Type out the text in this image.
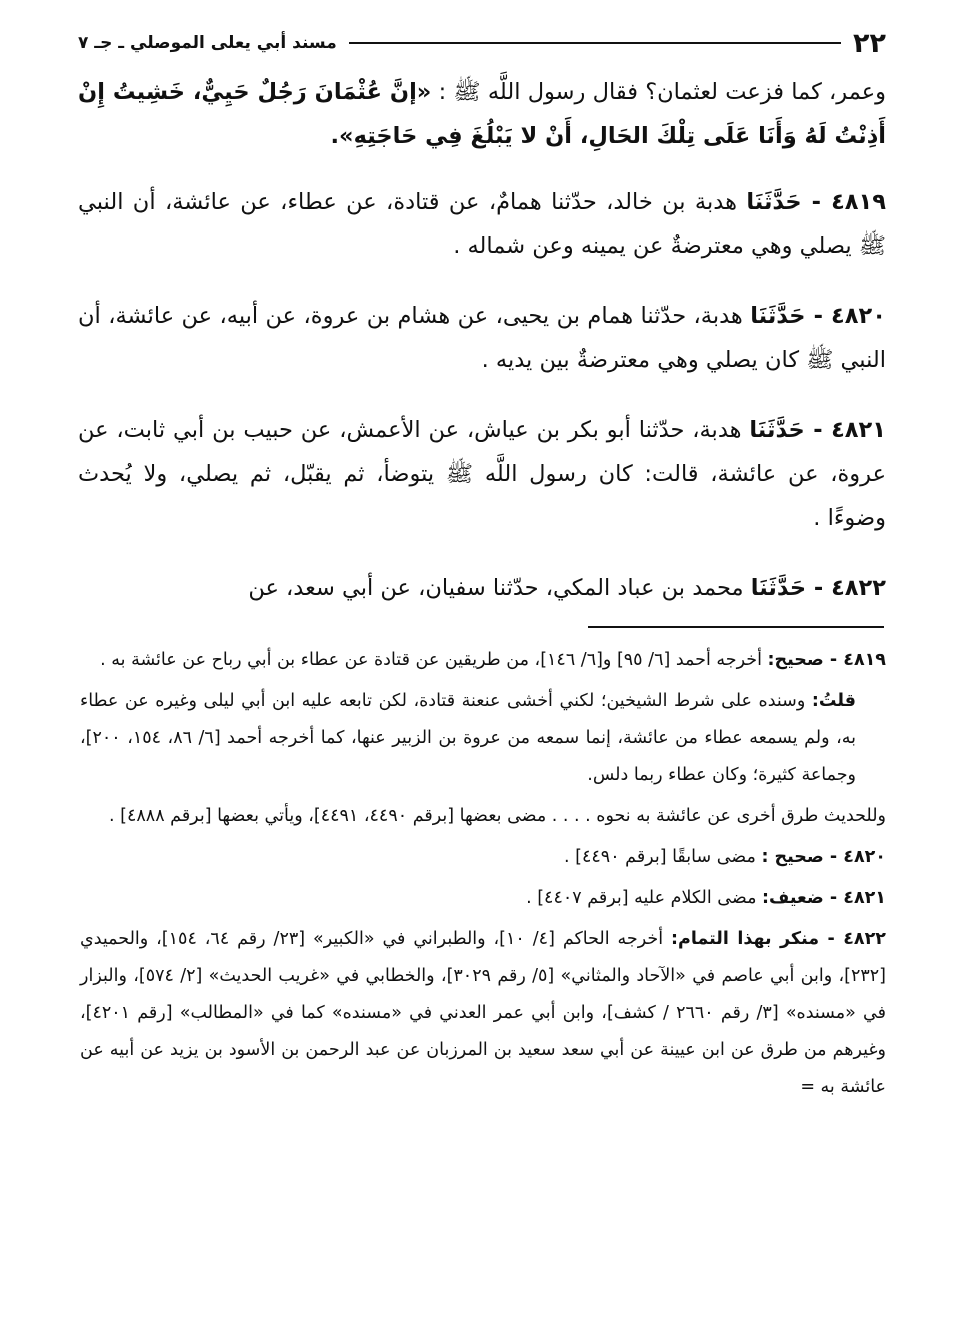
٢٢
مسند أبي يعلى الموصلي ـ جـ ٧

وعمر، كما فزعت لعثمان؟ فقال رسول اللَّه ﷺ : «إنَّ عُثْمَانَ رَجُلٌ حَيِيٌّ، خَشِيتُ إِنْ أَذِنْتُ لَهُ وَأَنَا عَلَى تِلْكَ الحَالِ، أَنْ لا يَبْلُغَ فِي حَاجَتِهِ».

٤٨١٩ - حَدَّثَنَا هدبة بن خالد، حدّثنا همامٌ، عن قتادة، عن عطاء، عن عائشة، أن النبي ﷺ يصلي وهي معترضةٌ عن يمينه وعن شماله .

٤٨٢٠ - حَدَّثَنَا هدبة، حدّثنا همام بن يحيى، عن هشام بن عروة، عن أبيه، عن عائشة، أن النبي ﷺ كان يصلي وهي معترضةٌ بين يديه .

٤٨٢١ - حَدَّثَنَا هدبة، حدّثنا أبو بكر بن عياش، عن الأعمش، عن حبيب بن أبي ثابت، عن عروة، عن عائشة، قالت: كان رسول اللَّه ﷺ يتوضأ، ثم يقبّل، ثم يصلي، ولا يُحدث وضوءًا .

٤٨٢٢ - حَدَّثَنَا محمد بن عباد المكي، حدّثنا سفيان، عن أبي سعد، عن

٤٨١٩ - صحيح: أخرجه أحمد [٦/ ٩٥] و[٦/ ١٤٦]، من طريقين عن قتادة عن عطاء بن أبي رباح عن عائشة به .

قلتُ: وسنده على شرط الشيخين؛ لكني أخشى عنعنة قتادة، لكن تابعه عليه ابن أبي ليلى وغيره عن عطاء به، ولم يسمعه عطاء من عائشة، إنما سمعه من عروة بن الزبير عنها، كما أخرجه أحمد [٦/ ٨٦، ١٥٤، ٢٠٠]، وجماعة كثيرة؛ وكان عطاء ربما دلس.

وللحديث طرق أخرى عن عائشة به نحوه . . . . مضى بعضها [برقم ٤٤٩٠، ٤٤٩١]، ويأتي بعضها [برقم ٤٨٨٨] .

٤٨٢٠ - صحيح : مضى سابقًا [برقم ٤٤٩٠] .

٤٨٢١ - ضعيف: مضى الكلام عليه [برقم ٤٤٠٧] .

٤٨٢٢ - منكر بهذا التمام: أخرجه الحاكم [٤/ ١٠]، والطبراني في «الكبير» [٢٣/ رقم ٦٤، ١٥٤]، والحميدي [٢٣٢]، وابن أبي عاصم في «الآحاد والمثاني» [٥/ رقم ٣٠٢٩]، والخطابي في «غريب الحديث» [٢/ ٥٧٤]، والبزار في «مسنده» [٣/ رقم ٢٦٦٠ / كشف]، وابن أبي عمر العدني في «مسنده» كما في «المطالب» [رقم ٤٢٠١]، وغيرهم من طرق عن ابن عيينة عن أبي سعد سعيد بن المرزبان عن عبد الرحمن بن الأسود بن يزيد عن أبيه عن عائشة به =
